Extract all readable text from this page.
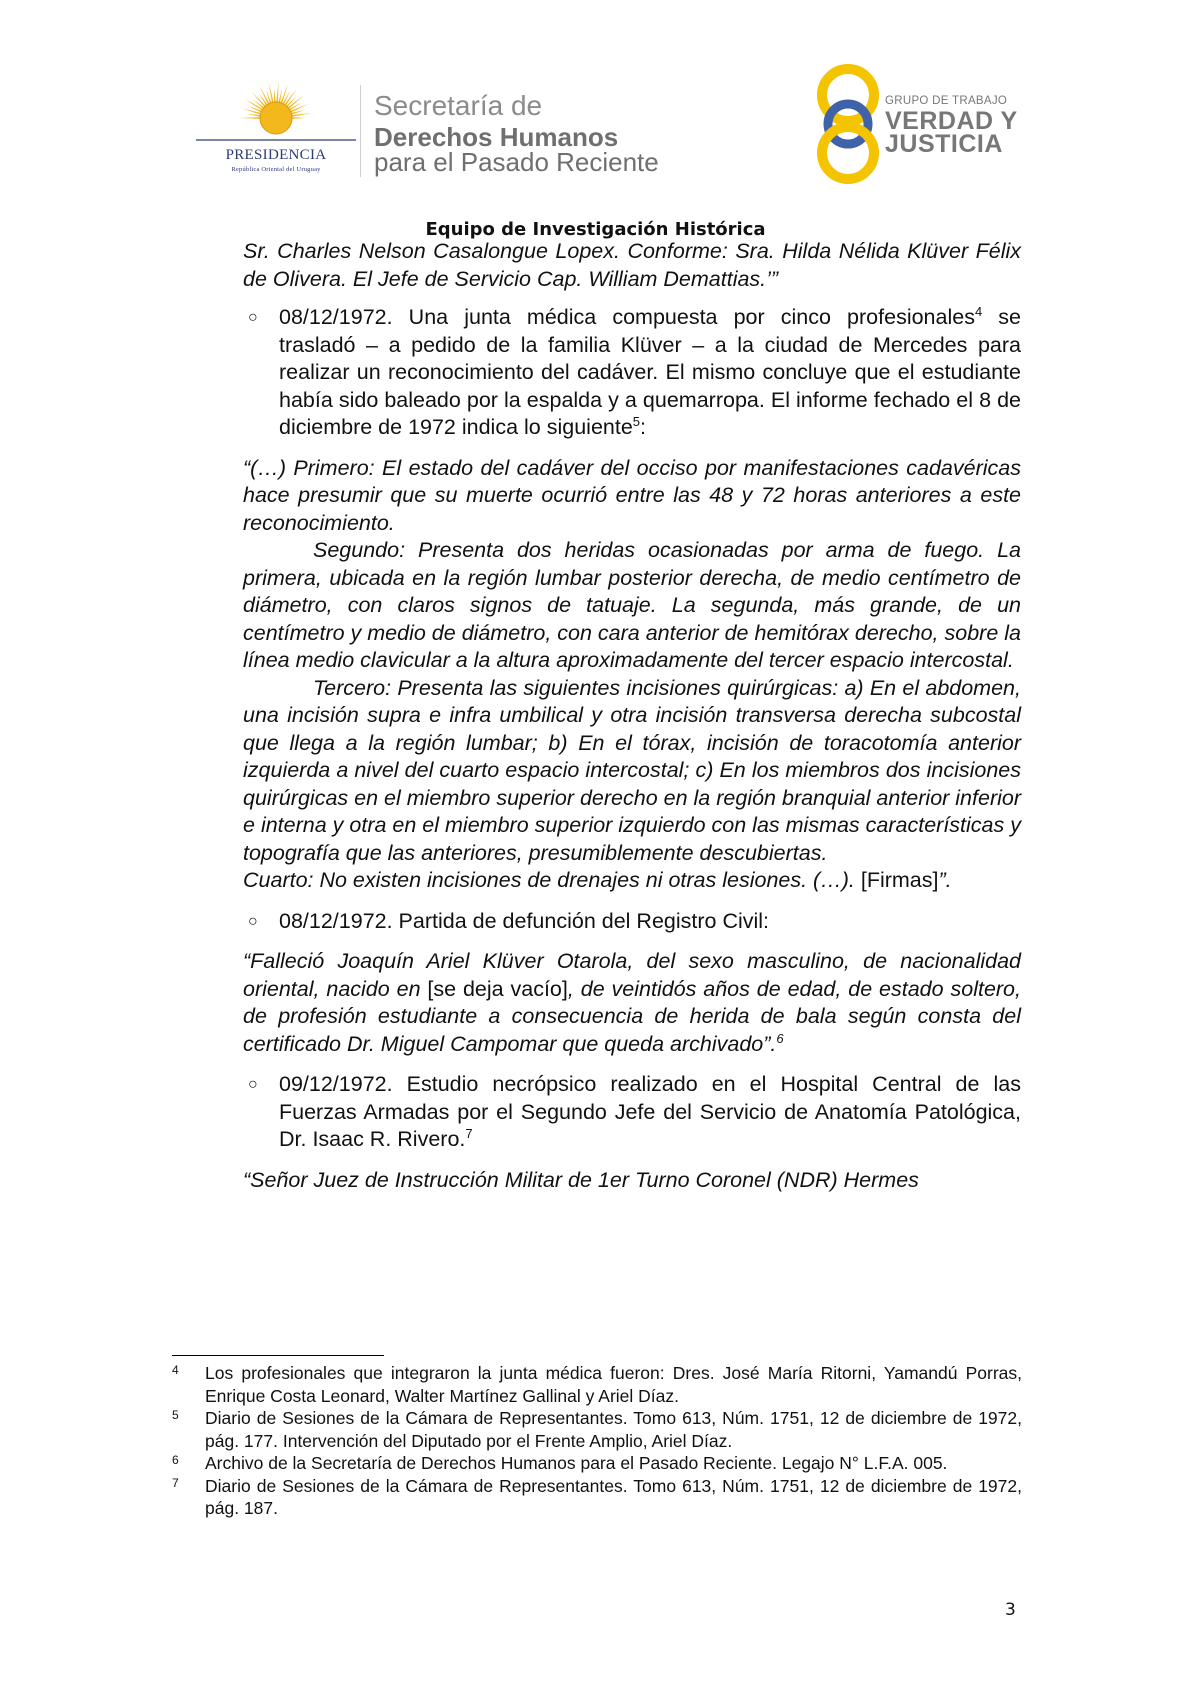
PRESIDENCIA
República Oriental del Uruguay
Secretaría de
Derechos Humanos
para el Pasado Reciente
GRUPO DE TRABAJO
VERDAD Y
JUSTICIA
Equipo de Investigación Histórica

Sr. Charles Nelson Casalongue Lopex. Conforme: Sra. Hilda Nélida Klüver Félix de Olivera. El Jefe de Servicio Cap. William Demattias.’”

○ 08/12/1972. Una junta médica compuesta por cinco profesionales$^4$ se trasladó – a pedido de la familia Klüver – a la ciudad de Mercedes para realizar un reconocimiento del cadáver. El mismo concluye que el estudiante había sido baleado por la espalda y a quemarropa. El informe fechado el 8 de diciembre de 1972 indica lo siguiente$^5$:

“(…) Primero: El estado del cadáver del occiso por manifestaciones cadavéricas hace presumir que su muerte ocurrió entre las 48 y 72 horas anteriores a este reconocimiento.

Segundo: Presenta dos heridas ocasionadas por arma de fuego. La primera, ubicada en la región lumbar posterior derecha, de medio centímetro de diámetro, con claros signos de tatuaje. La segunda, más grande, de un centímetro y medio de diámetro, con cara anterior de hemitórax derecho, sobre la línea medio clavicular a la altura aproximadamente del tercer espacio intercostal.

Tercero: Presenta las siguientes incisiones quirúrgicas: a) En el abdomen, una incisión supra e infra umbilical y otra incisión transversa derecha subcostal que llega a la región lumbar; b) En el tórax, incisión de toracotomía anterior izquierda a nivel del cuarto espacio intercostal; c) En los miembros dos incisiones quirúrgicas en el miembro superior derecho en la región branquial anterior inferior e interna y otra en el miembro superior izquierdo con las mismas características y topografía que las anteriores, presumiblemente descubiertas.

Cuarto: No existen incisiones de drenajes ni otras lesiones. (…). [Firmas]”.

○ 08/12/1972. Partida de defunción del Registro Civil:

“Falleció Joaquín Ariel Klüver Otarola, del sexo masculino, de nacionalidad oriental, nacido en [se deja vacío], de veintidós años de edad, de estado soltero, de profesión estudiante a consecuencia de herida de bala según consta del certificado Dr. Miguel Campomar que queda archivado”.$^6$

○ 09/12/1972. Estudio necrópsico realizado en el Hospital Central de las Fuerzas Armadas por el Segundo Jefe del Servicio de Anatomía Patológica, Dr. Isaac R. Rivero.$^7$

“Señor Juez de Instrucción Militar de 1er Turno Coronel (NDR) Hermes

4 Los profesionales que integraron la junta médica fueron: Dres. José María Ritorni, Yamandú Porras, Enrique Costa Leonard, Walter Martínez Gallinal y Ariel Díaz.

5 Diario de Sesiones de la Cámara de Representantes. Tomo 613, Núm. 1751, 12 de diciembre de 1972, pág. 177. Intervención del Diputado por el Frente Amplio, Ariel Díaz.

6 Archivo de la Secretaría de Derechos Humanos para el Pasado Reciente. Legajo N° L.F.A. 005.

7 Diario de Sesiones de la Cámara de Representantes. Tomo 613, Núm. 1751, 12 de diciembre de 1972, pág. 187.

3
